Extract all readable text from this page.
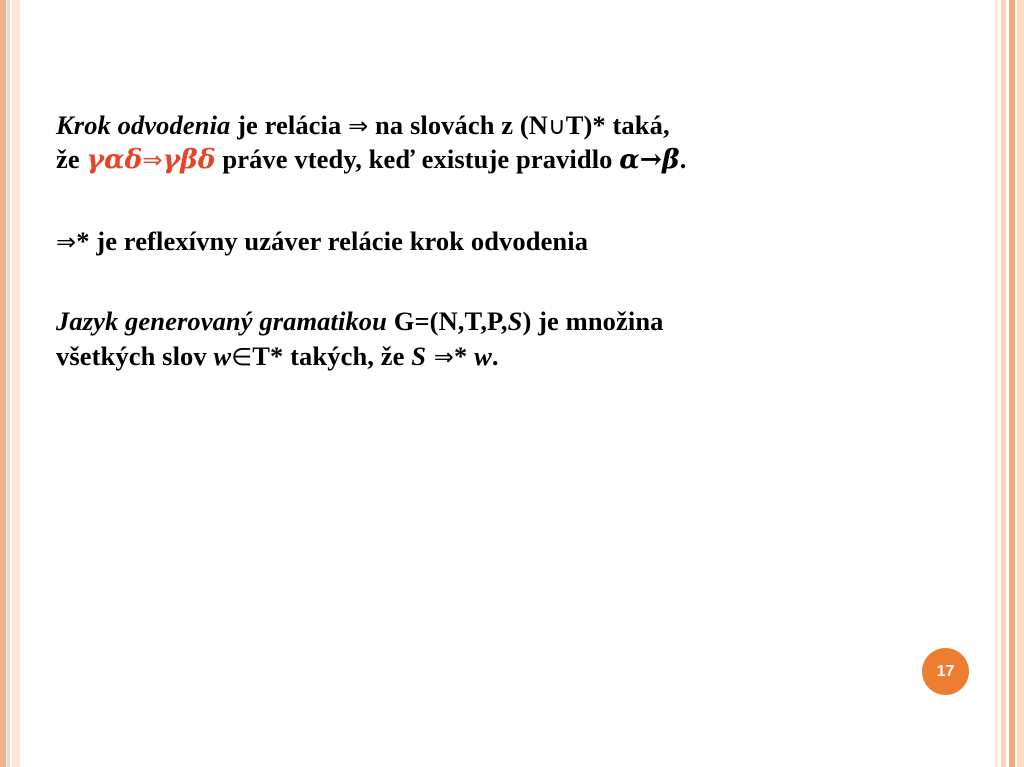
Krok odvodenia je relácia ⇒ na slovách z (N∪T)* taká,
že γαδ⇒γβδ práve vtedy, keď existuje pravidlo α→β.

⇒* je reflexívny uzáver relácie krok odvodenia

Jazyk generovaný gramatikou G=(N,T,P,S) je množina
všetkých slov w∈T* takých, že S ⇒* w.

17
